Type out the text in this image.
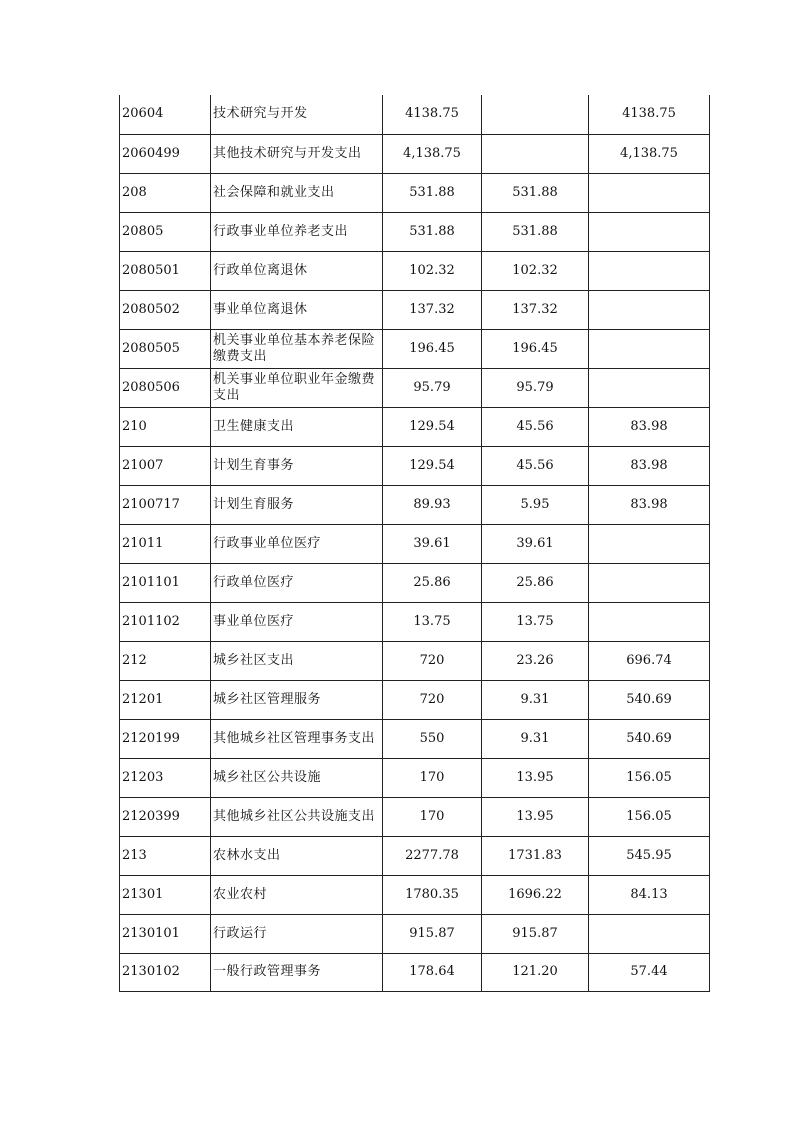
20604	技术研究与开发	4138.75		4138.75
2060499	其他技术研究与开发支出	4,138.75		4,138.75
208	社会保障和就业支出	531.88	531.88	
20805	行政事业单位养老支出	531.88	531.88	
2080501	行政单位离退休	102.32	102.32	
2080502	事业单位离退休	137.32	137.32	
2080505	机关事业单位基本养老保险缴费支出	196.45	196.45	
2080506	机关事业单位职业年金缴费支出	95.79	95.79	
210	卫生健康支出	129.54	45.56	83.98
21007	计划生育事务	129.54	45.56	83.98
2100717	计划生育服务	89.93	5.95	83.98
21011	行政事业单位医疗	39.61	39.61	
2101101	行政单位医疗	25.86	25.86	
2101102	事业单位医疗	13.75	13.75	
212	城乡社区支出	720	23.26	696.74
21201	城乡社区管理服务	720	9.31	540.69
2120199	其他城乡社区管理事务支出	550	9.31	540.69
21203	城乡社区公共设施	170	13.95	156.05
2120399	其他城乡社区公共设施支出	170	13.95	156.05
213	农林水支出	2277.78	1731.83	545.95
21301	农业农村	1780.35	1696.22	84.13
2130101	行政运行	915.87	915.87	
2130102	一般行政管理事务	178.64	121.20	57.44
